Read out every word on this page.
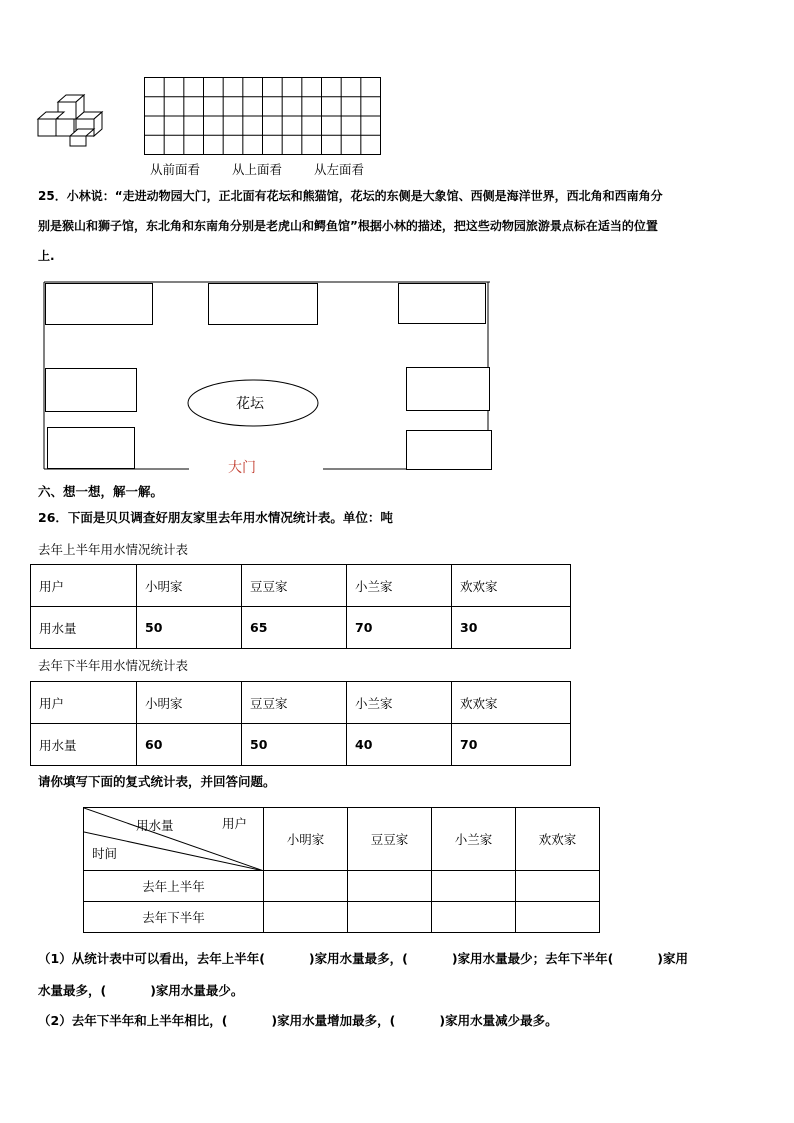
从前面看	从上面看	从左面看
25．小林说：“走进动物园大门，正北面有花坛和熊猫馆，花坛的东侧是大象馆、西侧是海洋世界，西北角和西南角分
别是猴山和狮子馆，东北角和东南角分别是老虎山和鳄鱼馆”根据小林的描述，把这些动物园旅游景点标在适当的位置
上.
花坛
大门
六、想一想，解一解。
26．下面是贝贝调查好朋友家里去年用水情况统计表。单位：吨
去年上半年用水情况统计表
用户	小明家	豆豆家	小兰家	欢欢家
用水量	50	65	70	30
去年下半年用水情况统计表
用户	小明家	豆豆家	小兰家	欢欢家
用水量	60	50	40	70
请你填写下面的复式统计表，并回答问题。
用户
用水量
时间	小明家	豆豆家	小兰家	欢欢家
去年上半年				
去年下半年				
（1）从统计表中可以看出，去年上半年(	)家用水量最多，(	)家用水量最少；去年下半年(	)家用
水量最多，(	)家用水量最少。
（2）去年下半年和上半年相比，(	)家用水量增加最多，(	)家用水量减少最多。
